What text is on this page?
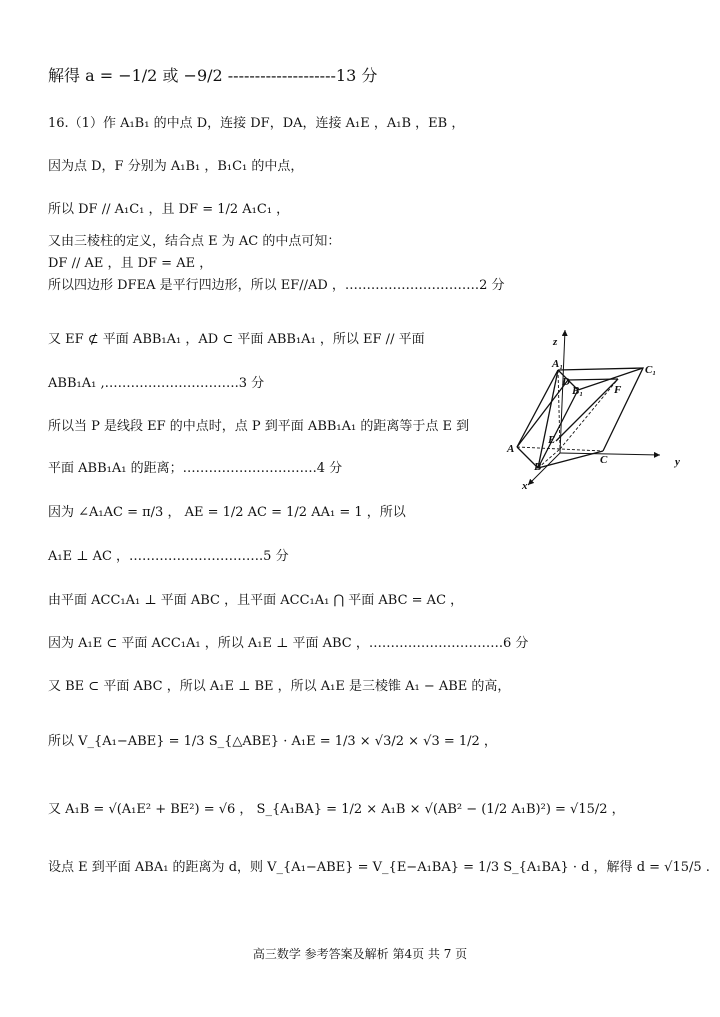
解得 a = −1/2 或 −9/2 --------------------13 分
16.（1）作 A₁B₁ 的中点 D，连接 DF，DA，连接 A₁E ，A₁B ，EB ，
因为点 D，F 分别为 A₁B₁ ，B₁C₁ 的中点，
所以 DF // A₁C₁ ，且 DF = 1/2 A₁C₁ ，
又由三棱柱的定义，结合点 E 为 AC 的中点可知：
DF // AE ，且 DF = AE ，
所以四边形 DFEA 是平行四边形，所以 EF//AD ，………………………….2 分
又 EF ⊄ 平面 ABB₁A₁ ，AD ⊂ 平面 ABB₁A₁ ，所以 EF // 平面
ABB₁A₁ ,………………………….3 分
所以当 P 是线段 EF 的中点时，点 P 到平面 ABB₁A₁ 的距离等于点 E 到
平面 ABB₁A₁ 的距离；………………………….4 分
因为 ∠A₁AC = π/3 ， AE = 1/2 AC = 1/2 AA₁ = 1 ，所以
A₁E ⊥ AC ，………………………….5 分
由平面 ACC₁A₁ ⊥ 平面 ABC ，且平面 ACC₁A₁ ⋂ 平面 ABC = AC ，
因为 A₁E ⊂ 平面 ACC₁A₁ ，所以 A₁E ⊥ 平面 ABC ，………………………….6 分
又 BE ⊂ 平面 ABC ，所以 A₁E ⊥ BE ，所以 A₁E 是三棱锥 A₁ − ABE 的高，
所以 V_{A₁−ABE} = 1/3 S_{△ABE} · A₁E = 1/3 × √3/2 × √3 = 1/2 ，
又 A₁B = √(A₁E² + BE²) = √6 ， S_{A₁BA} = 1/2 × A₁B × √(AB² − (1/2 A₁B)²) = √15/2 ，
设点 E 到平面 ABA₁ 的距离为 d，则 V_{A₁−ABE} = V_{E−A₁BA} = 1/3 S_{A₁BA} · d ，解得 d = √15/5 .
z
y
x
A₁	C₁
D
B₁	F
A
E
B
C
高三数学 参考答案及解析 第4页 共 7 页
